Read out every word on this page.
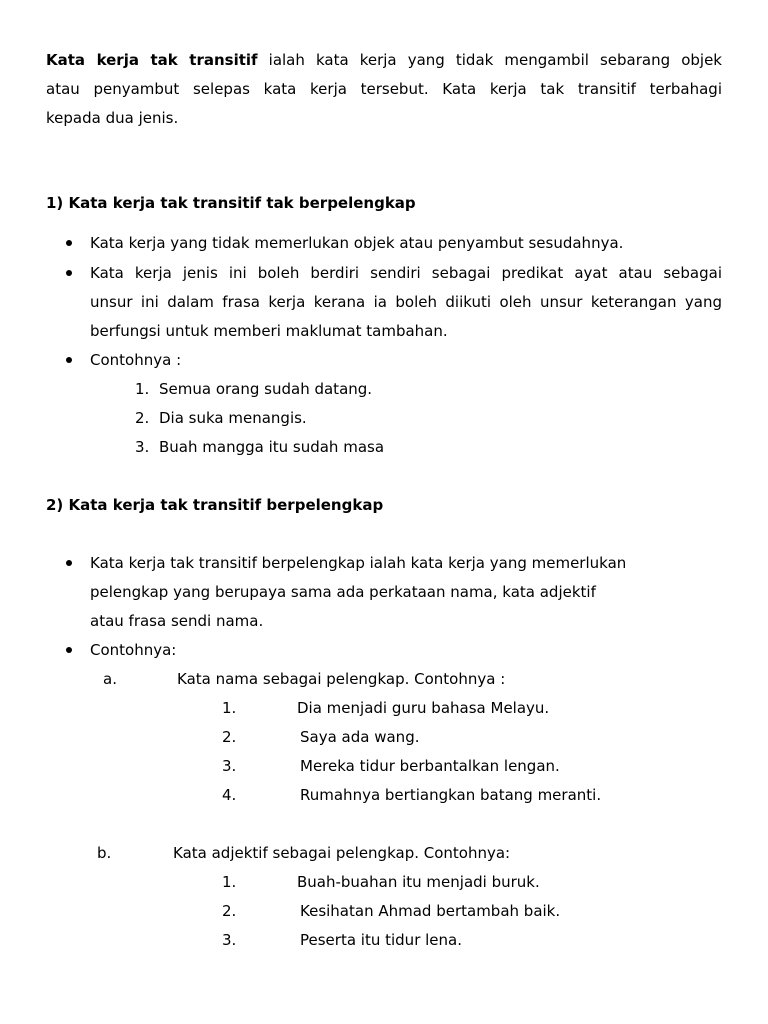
Kata kerja tak transitif ialah kata kerja yang tidak mengambil sebarang objek
atau penyambut selepas kata kerja tersebut. Kata kerja tak transitif terbahagi
kepada dua jenis.
1) Kata kerja tak transitif tak berpelengkap
Kata kerja yang tidak memerlukan objek atau penyambut sesudahnya.
Kata kerja jenis ini boleh berdiri sendiri sebagai predikat ayat atau sebagai
unsur ini dalam frasa kerja kerana ia boleh diikuti oleh unsur keterangan yang
berfungsi untuk memberi maklumat tambahan.
Contohnya :
1. Semua orang sudah datang.
2. Dia suka menangis.
3. Buah mangga itu sudah masa
2) Kata kerja tak transitif berpelengkap
Kata kerja tak transitif berpelengkap ialah kata kerja yang memerlukan
pelengkap yang berupaya sama ada perkataan nama, kata adjektif
atau frasa sendi nama.
Contohnya:
a.	Kata nama sebagai pelengkap. Contohnya :
1.	Dia menjadi guru bahasa Melayu.
2.	Saya ada wang.
3.	Mereka tidur berbantalkan lengan.
4.	Rumahnya bertiangkan batang meranti.
b.	Kata adjektif sebagai pelengkap. Contohnya:
1.	Buah-buahan itu menjadi buruk.
2.	Kesihatan Ahmad bertambah baik.
3.	Peserta itu tidur lena.
